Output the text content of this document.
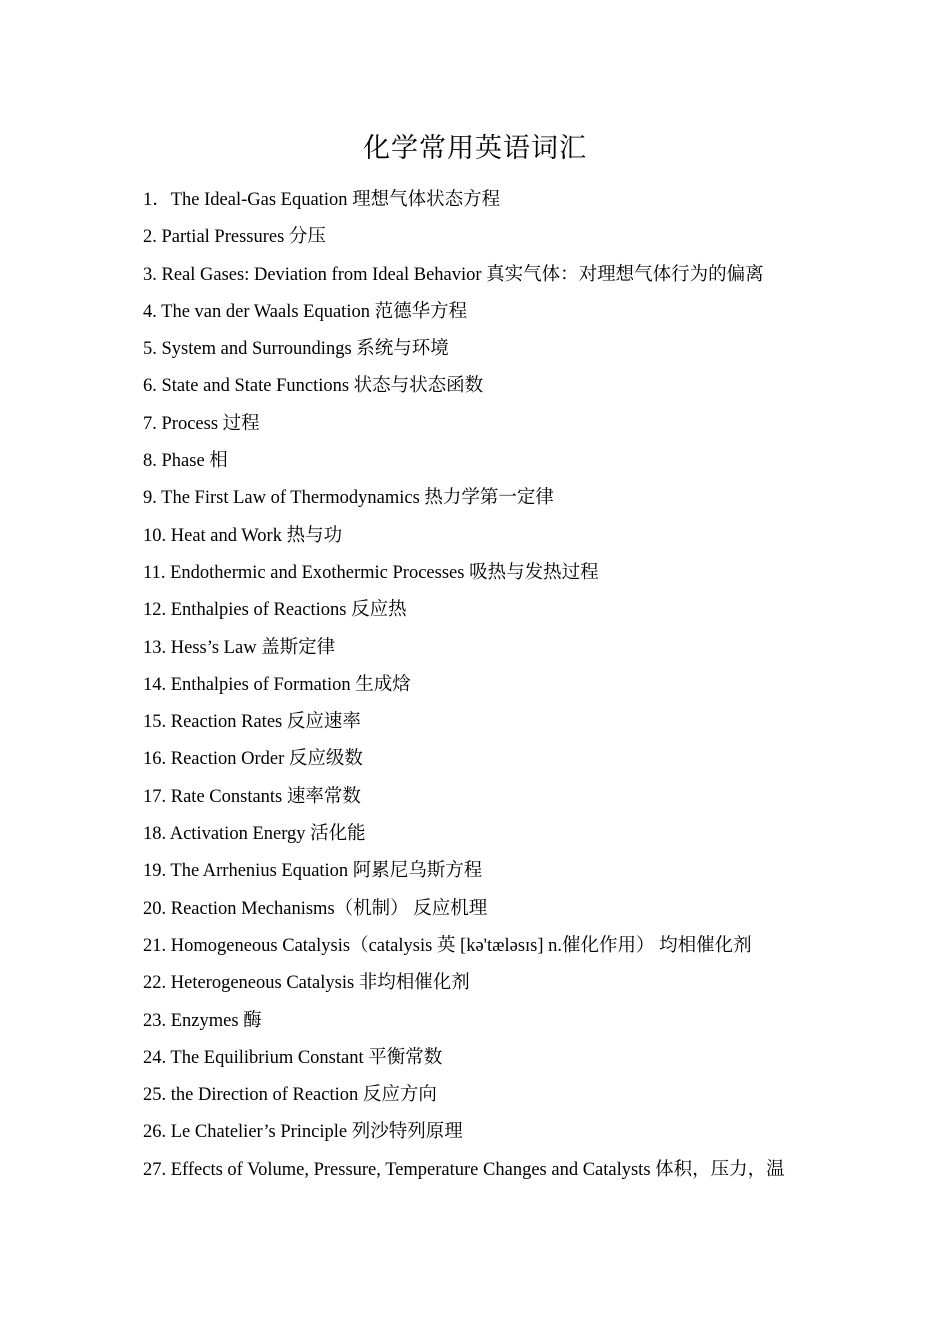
化学常用英语词汇
1．The Ideal-Gas Equation 理想气体状态方程
2. Partial Pressures 分压
3. Real Gases: Deviation from Ideal Behavior 真实气体：对理想气体行为的偏离
4. The van der Waals Equation 范德华方程
5. System and Surroundings 系统与环境
6. State and State Functions 状态与状态函数
7. Process 过程
8. Phase 相
9. The First Law of Thermodynamics 热力学第一定律
10. Heat and Work 热与功
11. Endothermic and Exothermic Processes 吸热与发热过程
12. Enthalpies of Reactions 反应热
13. Hess’s Law 盖斯定律
14. Enthalpies of Formation 生成焓
15. Reaction Rates 反应速率
16. Reaction Order 反应级数
17. Rate Constants 速率常数
18. Activation Energy 活化能
19. The Arrhenius Equation 阿累尼乌斯方程
20. Reaction Mechanisms（机制） 反应机理
21. Homogeneous Catalysis（catalysis 英 [kə'tæləsɪs] n.催化作用） 均相催化剂
22. Heterogeneous Catalysis 非均相催化剂
23. Enzymes 酶
24. The Equilibrium Constant 平衡常数
25. the Direction of Reaction 反应方向
26. Le Chatelier’s Principle 列沙特列原理
27. Effects of Volume, Pressure, Temperature Changes and Catalysts 体积，压力，温
